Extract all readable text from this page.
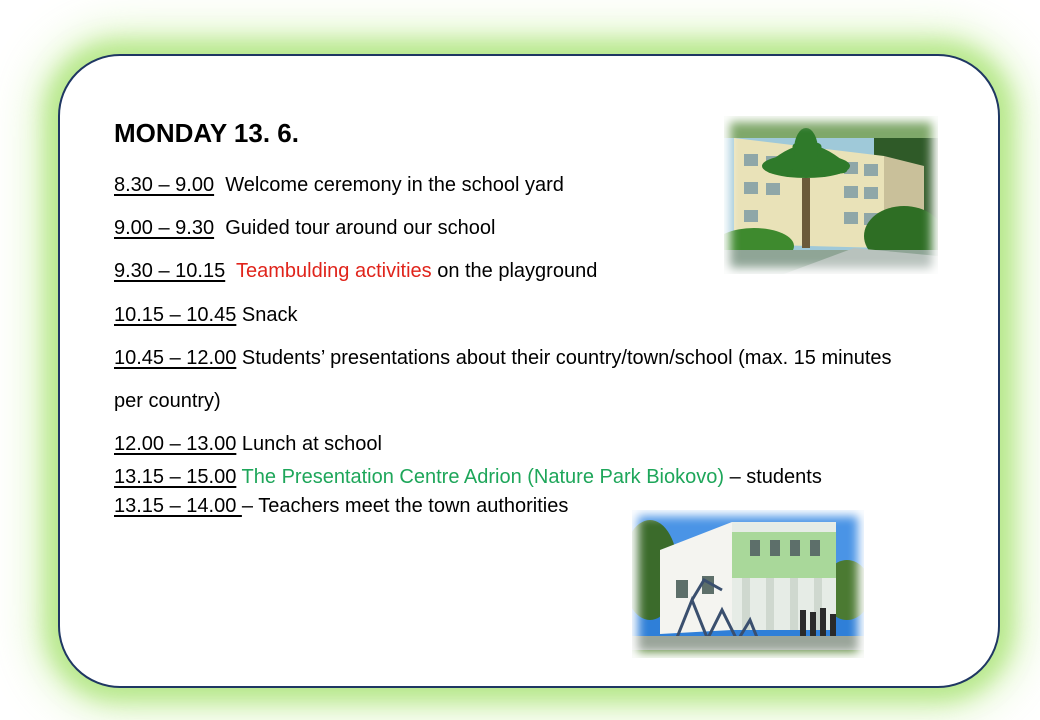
MONDAY 13. 6.
8.30 – 9.00  Welcome ceremony in the school yard
9.00 – 9.30  Guided tour around our school
9.30 – 10.15 Teambulding activities on the playground
10.15 – 10.45 Snack
10.45 – 12.00 Students’ presentations about their country/town/school (max. 15 minutes
per country)
12.00 – 13.00 Lunch at school
13.15 – 15.00 The Presentation Centre Adrion (Nature Park Biokovo) – students
13.15 – 14.00 – Teachers meet the town authorities
